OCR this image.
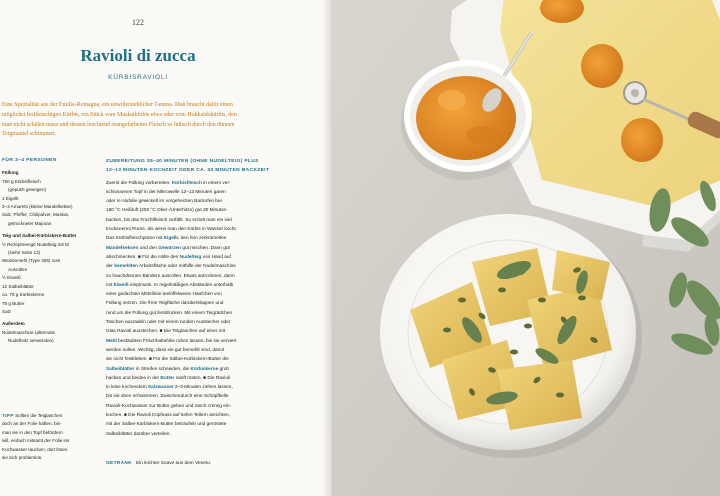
122
Ravioli di zucca
KÜRBISRAVIOLI
Eine Spezialität aus der Emilia-Romagna, ein unwiderstehlicher Genuss. Man braucht dafür einen
möglichst festfleischigen Kürbis, ein Stück vom Muskatkürbis etwa oder vom Hokkaidokürbis, den
man nicht schälen muss und dessen leuchtend orangefarbenes Fleisch so hübsch durch den dünnen
Teigmantel schimmert.
FÜR 3–4 PERSONEN
Füllung
750 g Kürbisfleisch
(geputzt gewogen)
1 Eigelb
2–3 Amaretti (kleine Mandelkekse)
Salz, Pfeffer, Chilipulver, Muskat,
getrockneter Majoran
Teig und Salbei-Kürbiskern-Butter
½ Rezeptmenge Nudelteig mit Ei
(siehe Seite 12)
Weizenmehl (Type 405) zum
Ausrollen
½ Eiweiß
12 Salbeiblätter
ca. 75 g Kürbiskerne
75 g Butter
Salz
Außerdem
Nudelmaschine (alternativ
Nudelholz verwenden)
TIPP Sollten die Teigtaschen
doch an der Folie haften, bis-
man sie in den Topf befördern
will, einfach mitsamt der Folie ins
Kochwasser tauchen, dort lösen
sie sich problemlos.
ZUBEREITUNG 35–40 MINUTEN (OHNE NUDELTEIG) PLUS
12–13 MINUTEN KOCHZEIT ODER CA. 30 MINUTEN BACKZEIT
Zuerst die Füllung vorbereiten: Kürbisfleisch in einem ver-
schlossenen Topf in der Mikrowelle 12–13 Minuten garen
oder in Alufolie gewickelt im vorgeheizten Backofen bei
180 °C Heißluft (200 °C Ober-/Unterhitze) gut 30 Minuten
backen, bis das Fruchtfleisch zerfällt. So erzielt man ein viel
trockeneres Püree, als wenn man den Kürbis in Wasser kocht.
Das Kürbisfleischpüree mit Eigelb, den fein zerkrümelten
Mandelkeksen und den Gewürzen gut mischen. Dann gut
abschmecken. ■ Für die Hülle den Nudelteig von Hand auf
der bemehlten Arbeitsfläche oder mithilfe der Nudelmaschine
zu hauchdünnen Bändern ausrollen. Etwas antrocknen, dann
mit Eiweiß einpinseln. In regelmäßigen Abständen unterhalb
einer gedachten Mittellinie teelöffelweise Häufchen von
Füllung setzen. Die freie Teigfläche darüberklappen und
rund um die Füllung gut festdrücken. Mit einem Teigrädchen
Taschen ausradeln oder mit einem runden Ausstecher oder
Glas Ravioli ausstechen. ■ Die Teigtaschen auf einer mit
Mehl bestäubten Frischhaltefolie ruhen lassen, bis sie serviert
werden sollen. Wichtig, dass sie gut bemehlt sind, damit
sie nicht festkleben. ■ Für die Salbei-Kürbiskern-Butter die
Salbeiblätter in Streifen schneiden, die Kürbiskerne grob
hacken und beides in der Butter sanft rösten. ■ Die Ravioli
in leise kochendem Salzwasser 2–3 Minuten ziehen lassen,
bis sie oben schwimmen. Zwischendurch eine Schöpfkelle
Ravioli-Kochwasser zur Butter geben und rasch cremig ein-
kochen. ■ Die Ravioli tropfnass auf tiefen Tellern anrichten,
mit der Salbei-Kürbiskern-Butter beträufeln und geröstete
Salbeiblätter darüber verteilen.
GETRÄNK Ein leichter Soave aus dem Veneto.
